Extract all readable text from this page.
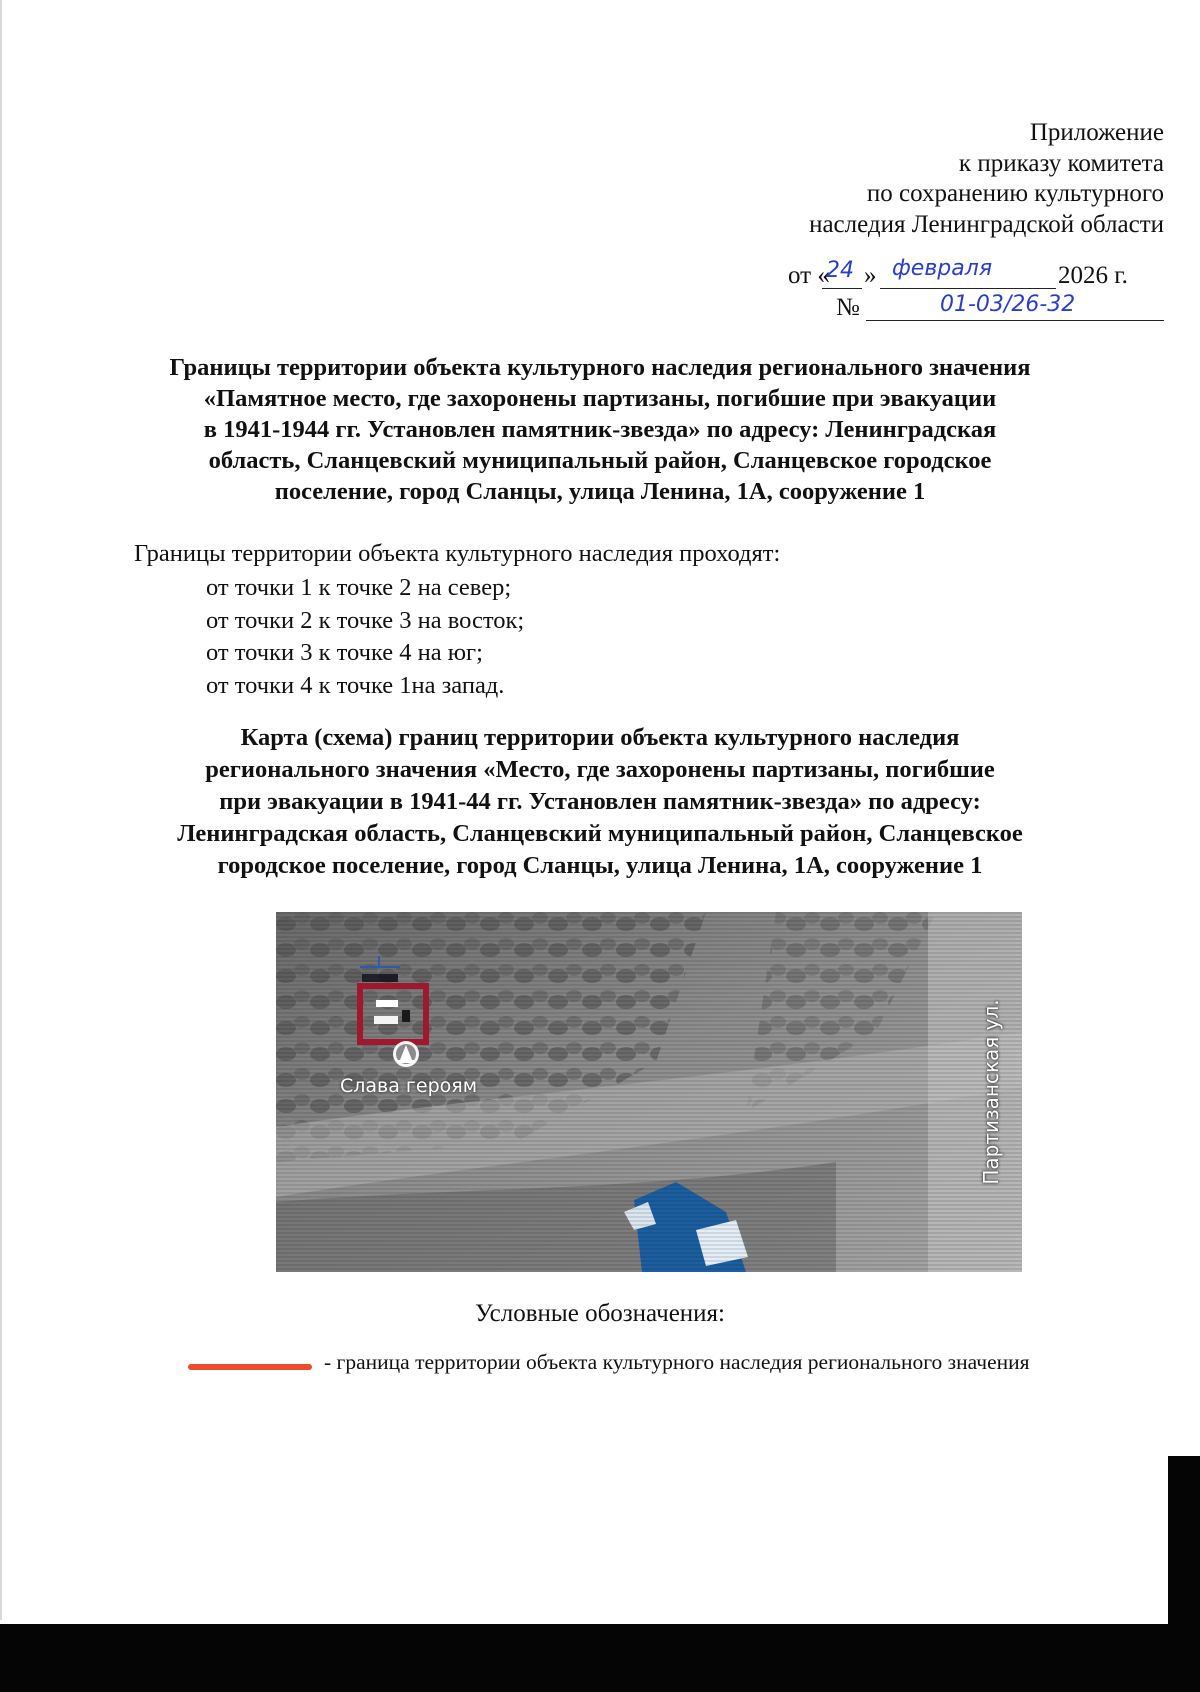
Приложение
к приказу комитета
по сохранению культурного
наследия Ленинградской области
от «
24 » февраля	2026 г.
№	01-03/26-32
Границы территории объекта культурного наследия регионального значения
«Памятное место, где захоронены партизаны, погибшие при эвакуации
в 1941-1944 гг. Установлен памятник-звезда» по адресу: Ленинградская
область, Сланцевский муниципальный район, Сланцевское городское
поселение, город Сланцы, улица Ленина, 1А, сооружение 1
Границы территории объекта культурного наследия проходят:
от точки 1 к точке 2 на север;
от точки 2 к точке 3 на восток;
от точки 3 к точке 4 на юг;
от точки 4 к точке 1на запад.
Карта (схема) границ территории объекта культурного наследия
регионального значения «Место, где захоронены партизаны, погибшие
при эвакуации в 1941-44 гг. Установлен памятник-звезда» по адресу:
Ленинградская область, Сланцевский муниципальный район, Сланцевское
городское поселение, город Сланцы, улица Ленина, 1А, сооружение 1
Слава героям	Партизанская ул.
Условные обозначения:
- граница территории объекта культурного наследия регионального значения
